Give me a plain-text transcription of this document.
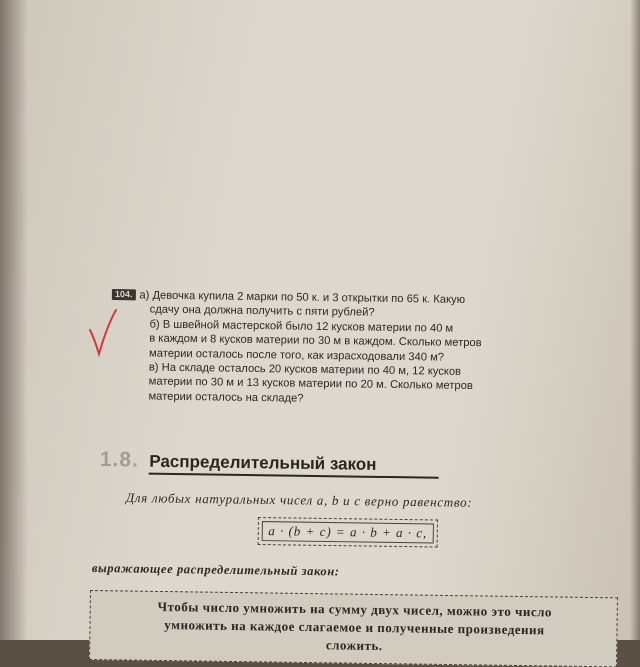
104. а) Девочка купила 2 марки по 50 к. и 3 открытки по 65 к. Какую
сдачу она должна получить с пяти рублей?
б) В швейной мастерской было 12 кусков материи по 40 м
в каждом и 8 кусков материи по 30 м в каждом. Сколько метров
материи осталось после того, как израсходовали 340 м?
в) На складе осталось 20 кусков материи по 40 м, 12 кусков
материи по 30 м и 13 кусков материи по 20 м. Сколько метров
материи осталось на складе?
1.8. Распределительный закон
Для любых натуральных чисел a, b и c верно равенство:
a · (b + c) = a · b + a · c,
выражающее распределительный закон:
Чтобы число умножить на сумму двух чисел, можно это число
умножить на каждое слагаемое и полученные произведения
сложить.
